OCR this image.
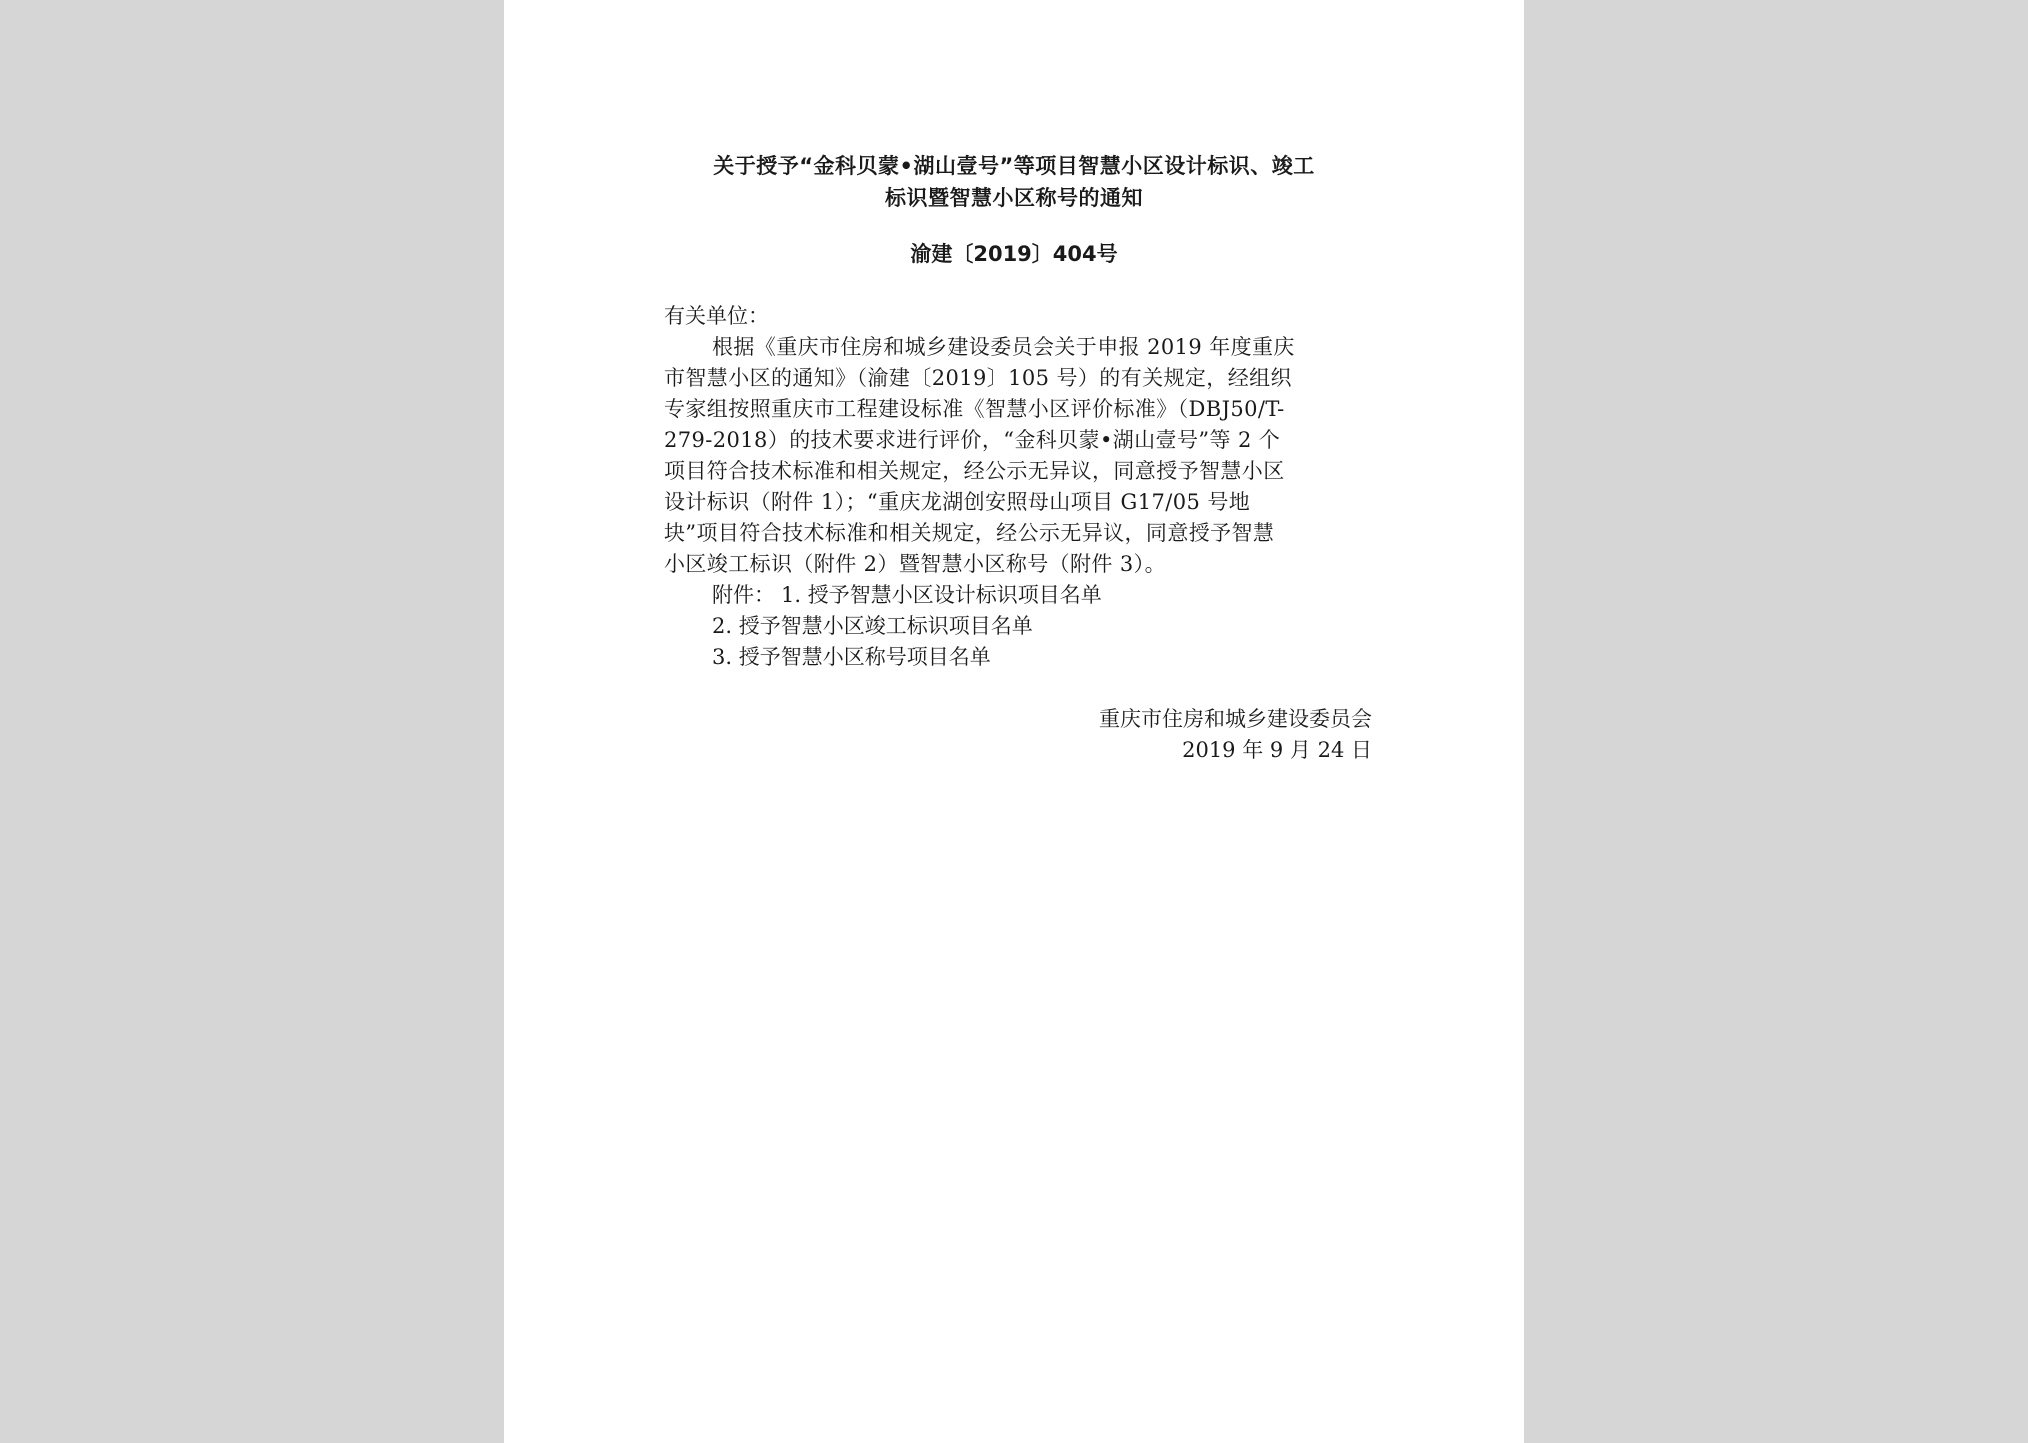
关于授予“金科贝蒙•湖山壹号”等项目智慧小区设计标识、竣工
标识暨智慧小区称号的通知
渝建〔2019〕404号
有关单位：
根据《重庆市住房和城乡建设委员会关于申报 2019 年度重庆
市智慧小区的通知》（渝建〔2019〕105 号）的有关规定，经组织
专家组按照重庆市工程建设标准《智慧小区评价标准》（DBJ50/T-
279-2018）的技术要求进行评价，“金科贝蒙•湖山壹号”等 2 个
项目符合技术标准和相关规定，经公示无异议，同意授予智慧小区
设计标识（附件 1）；“重庆龙湖创安照母山项目 G17/05 号地
块”项目符合技术标准和相关规定，经公示无异议，同意授予智慧
小区竣工标识（附件 2）暨智慧小区称号（附件 3）。
附件： 1. 授予智慧小区设计标识项目名单
2. 授予智慧小区竣工标识项目名单
3. 授予智慧小区称号项目名单
重庆市住房和城乡建设委员会
2019 年 9 月 24 日
